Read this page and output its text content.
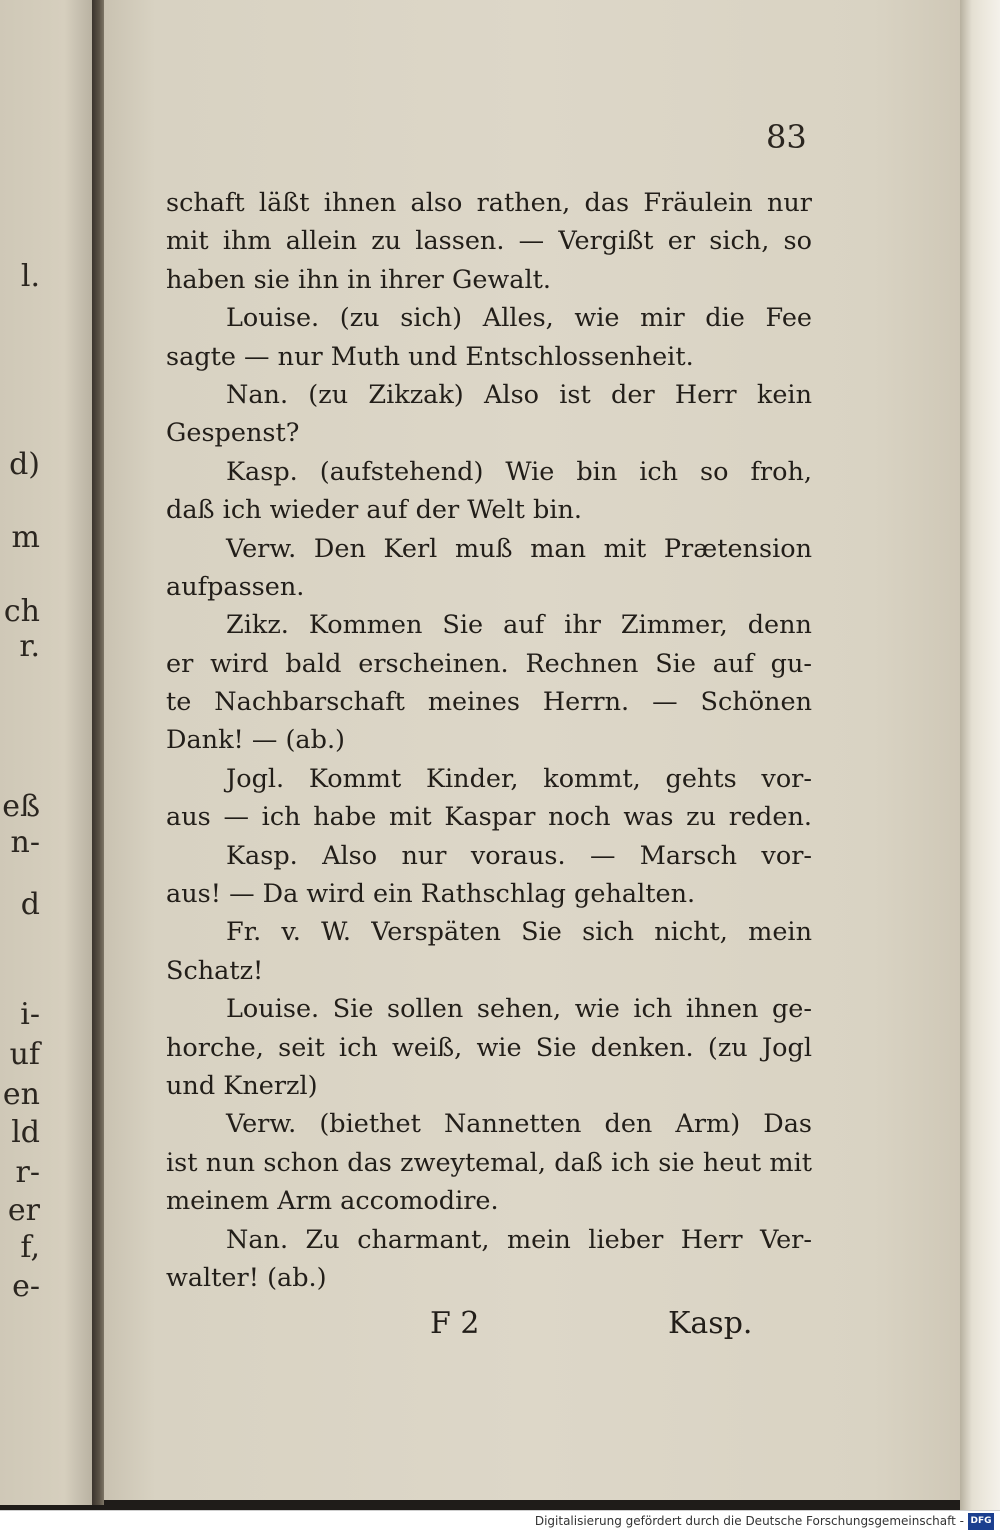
l.
d)
m
ch
r.
eß
n-
d
i-
uf
en
ld
r-
er
f,
e-
83
schaft läßt ihnen also rathen, das Fräulein nur
mit ihm allein zu lassen. — Vergißt er sich, so
haben sie ihn in ihrer Gewalt.
Louise. (zu sich) Alles, wie mir die Fee
sagte — nur Muth und Entschlossenheit.
Nan. (zu Zikzak) Also ist der Herr kein
Gespenst?
Kasp. (aufstehend) Wie bin ich so froh,
daß ich wieder auf der Welt bin.
Verw. Den Kerl muß man mit Prætension
aufpassen.
Zikz. Kommen Sie auf ihr Zimmer, denn
er wird bald erscheinen. Rechnen Sie auf gu-
te Nachbarschaft meines Herrn. — Schönen
Dank! — (ab.)
Jogl. Kommt Kinder, kommt, gehts vor-
aus — ich habe mit Kaspar noch was zu reden.
Kasp. Also nur voraus. — Marsch vor-
aus! — Da wird ein Rathschlag gehalten.
Fr. v. W. Verspäten Sie sich nicht, mein
Schatz!
Louise. Sie sollen sehen, wie ich ihnen ge-
horche, seit ich weiß, wie Sie denken. (zu Jogl
und Knerzl)
Verw. (biethet Nannetten den Arm) Das
ist nun schon das zweytemal, daß ich sie heut mit
meinem Arm accomodire.
Nan. Zu charmant, mein lieber Herr Ver-
walter! (ab.)
F 2	Kasp.
Digitalisierung gefördert durch die Deutsche Forschungsgemeinschaft - DFG
